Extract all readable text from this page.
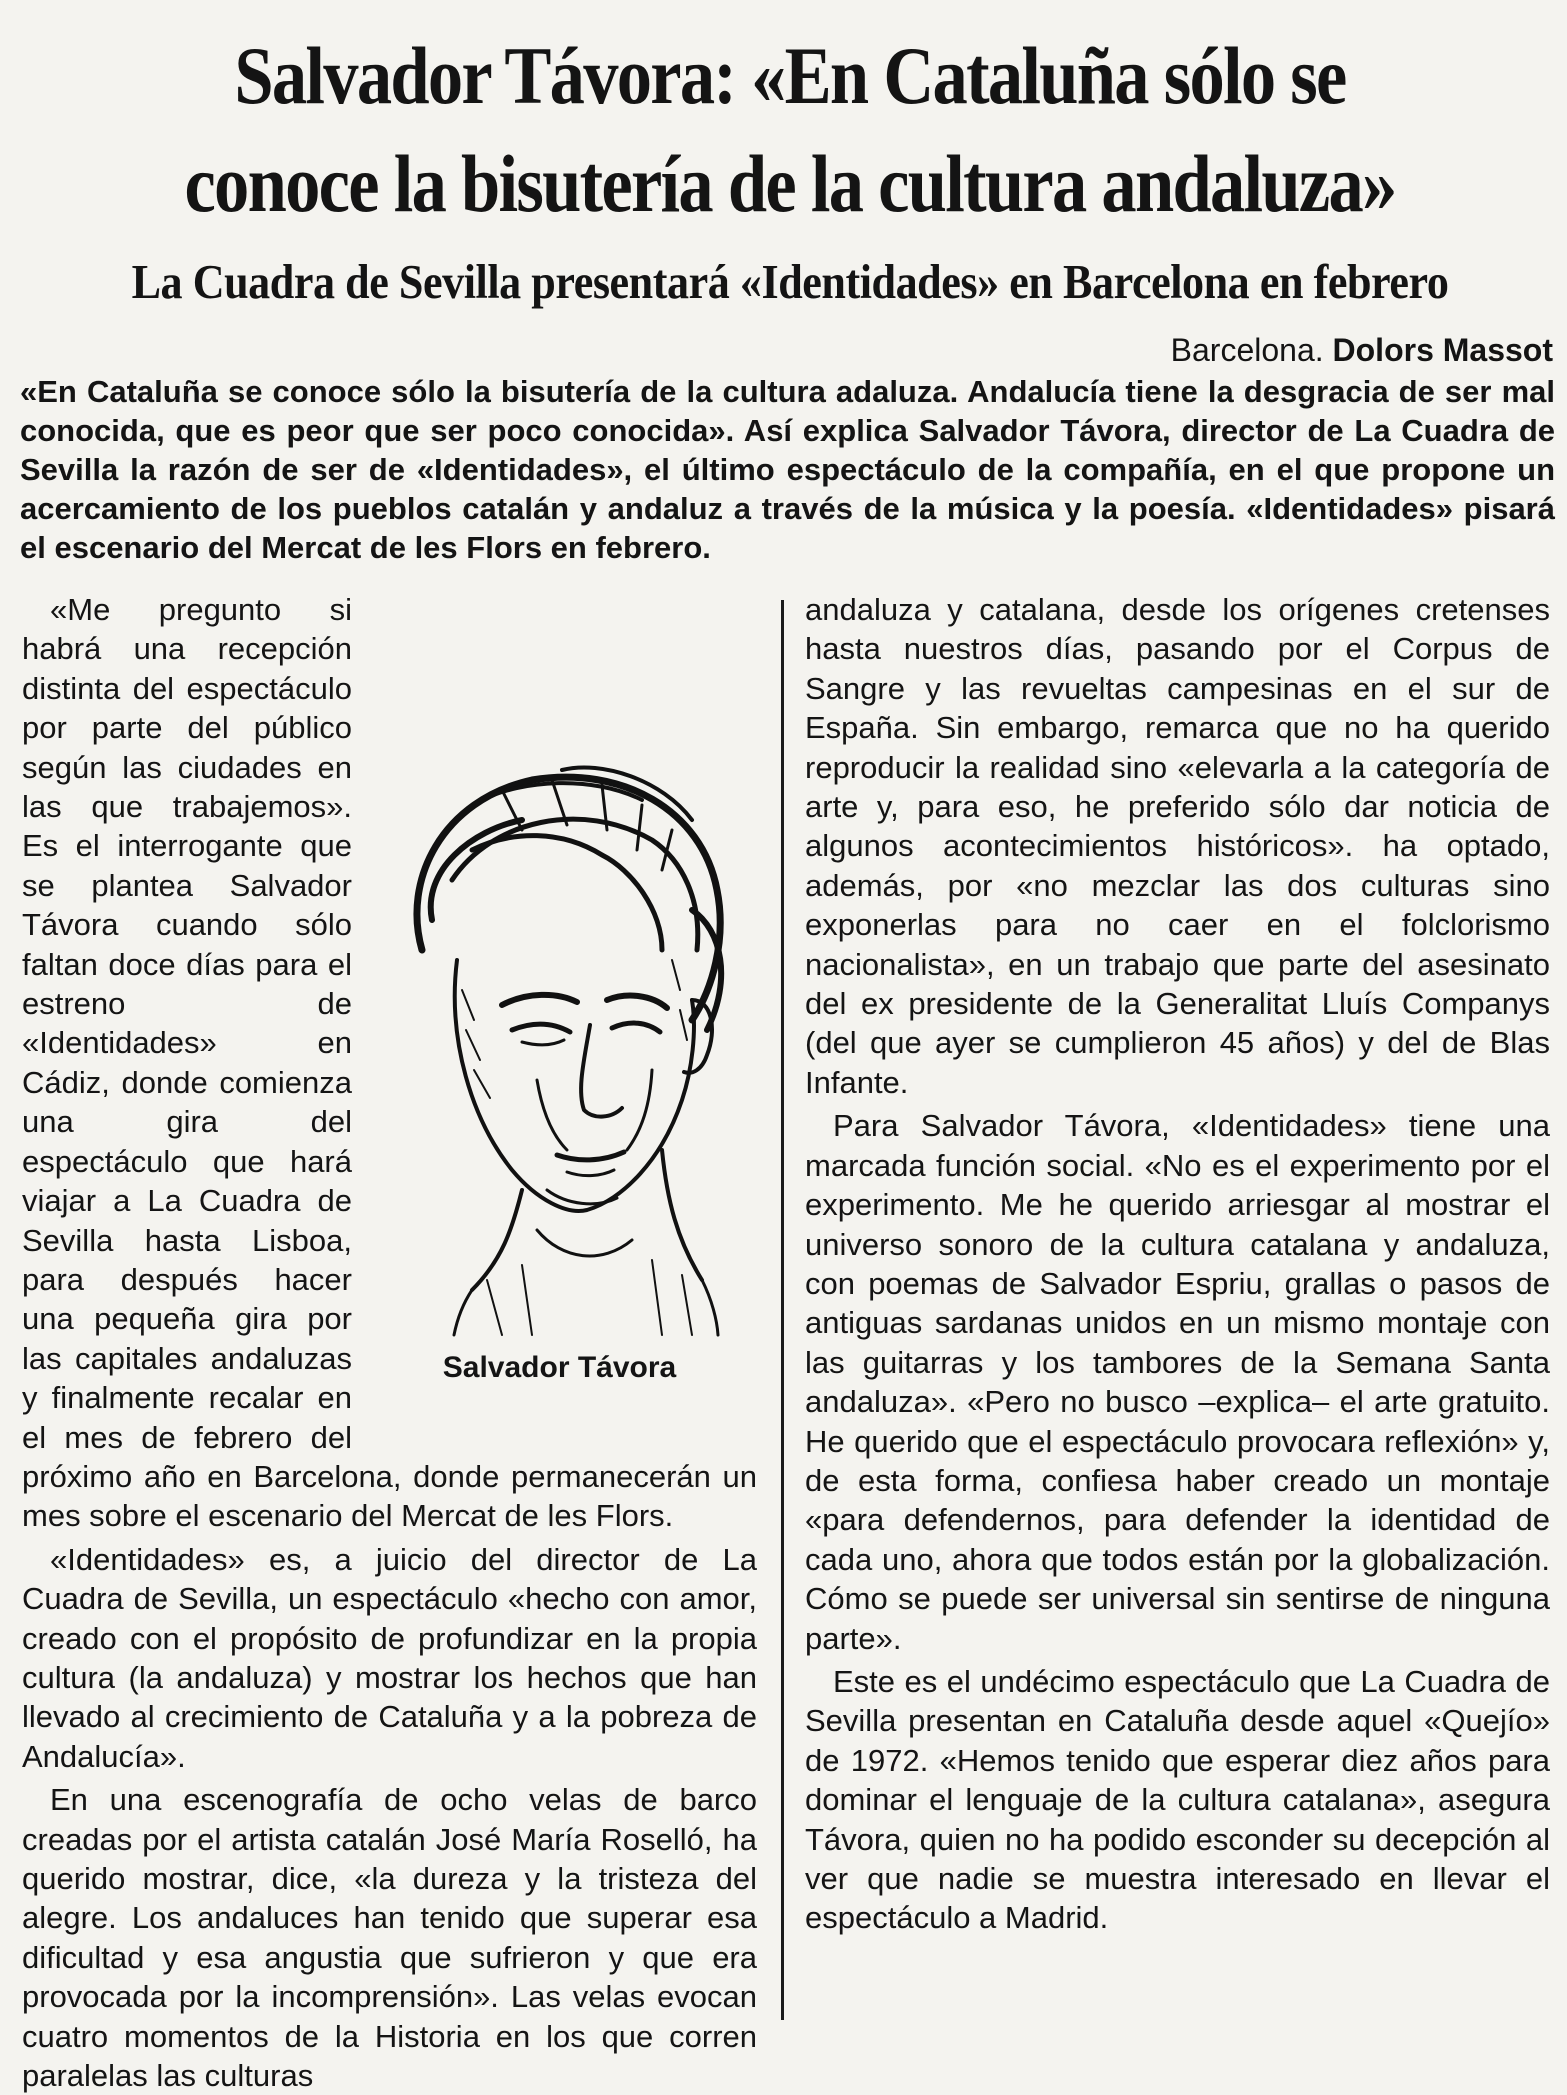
Salvador Távora: «En Cataluña sólo se conoce la bisutería de la cultura andaluza»
La Cuadra de Sevilla presentará «Identidades» en Barcelona en febrero
Barcelona. Dolors Massot

«En Cataluña se conoce sólo la bisutería de la cultura adaluza. Andalucía tiene la desgracia de ser mal conocida, que es peor que ser poco conocida». Así explica Salvador Távora, director de La Cuadra de Sevilla la razón de ser de «Identidades», el último espectáculo de la compañía, en el que propone un acercamiento de los pueblos catalán y andaluz a través de la música y la poesía. «Identidades» pisará el escenario del Mercat de les Flors en febrero.

Salvador Távora

«Me pregunto si habrá una recepción distinta del espectáculo por parte del público según las ciudades en las que trabajemos». Es el interrogante que se plantea Salvador Távora cuando sólo faltan doce días para el estreno de «Identidades» en Cádiz, donde comienza una gira del espectáculo que hará viajar a La Cuadra de Sevilla hasta Lisboa, para después hacer una pequeña gira por las capitales andaluzas y finalmente recalar en el mes de febrero del próximo año en Barcelona, donde permanecerán un mes sobre el escenario del Mercat de les Flors.

«Identidades» es, a juicio del director de La Cuadra de Sevilla, un espectáculo «hecho con amor, creado con el propósito de profundizar en la propia cultura (la andaluza) y mostrar los hechos que han llevado al crecimiento de Cataluña y a la pobreza de Andalucía».

En una escenografía de ocho velas de barco creadas por el artista catalán José María Roselló, ha querido mostrar, dice, «la dureza y la tristeza del alegre. Los andaluces han tenido que superar esa dificultad y esa angustia que sufrieron y que era provocada por la incomprensión». Las velas evocan cuatro momentos de la Historia en los que corren paralelas las culturas

andaluza y catalana, desde los orígenes cretenses hasta nuestros días, pasando por el Corpus de Sangre y las revueltas campesinas en el sur de España. Sin embargo, remarca que no ha querido reproducir la realidad sino «elevarla a la categoría de arte y, para eso, he preferido sólo dar noticia de algunos acontecimientos históricos». ha optado, además, por «no mezclar las dos culturas sino exponerlas para no caer en el folclorismo nacionalista», en un trabajo que parte del asesinato del ex presidente de la Generalitat Lluís Companys (del que ayer se cumplieron 45 años) y del de Blas Infante.

Para Salvador Távora, «Identidades» tiene una marcada función social. «No es el experimento por el experimento. Me he querido arriesgar al mostrar el universo sonoro de la cultura catalana y andaluza, con poemas de Salvador Espriu, grallas o pasos de antiguas sardanas unidos en un mismo montaje con las guitarras y los tambores de la Semana Santa andaluza». «Pero no busco –explica– el arte gratuito. He querido que el espectáculo provocara reflexión» y, de esta forma, confiesa haber creado un montaje «para defendernos, para defender la identidad de cada uno, ahora que todos están por la globalización. Cómo se puede ser universal sin sentirse de ninguna parte».

Este es el undécimo espectáculo que La Cuadra de Sevilla presentan en Cataluña desde aquel «Quejío» de 1972. «Hemos tenido que esperar diez años para dominar el lenguaje de la cultura catalana», asegura Távora, quien no ha podido esconder su decepción al ver que nadie se muestra interesado en llevar el espectáculo a Madrid.
